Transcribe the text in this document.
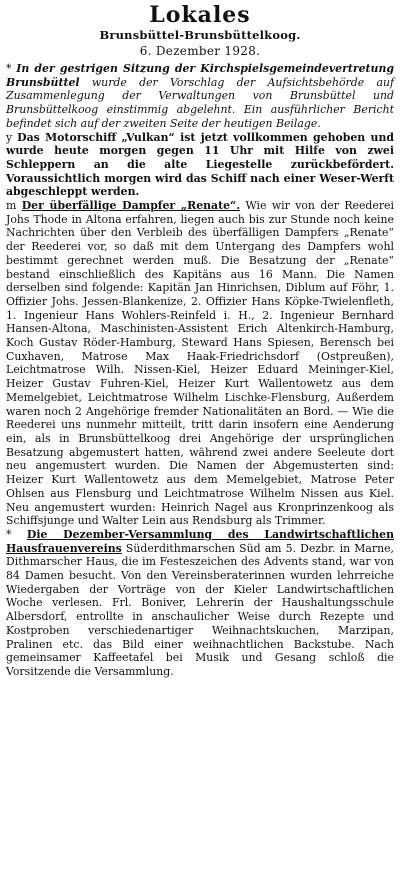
Lokales
Brunsbüttel-Brunsbüttelkoog.
6. Dezember 1928.

* In der gestrigen Sitzung der Kirchspielsgemeindevertretung Brunsbüttel wurde der Vorschlag der Aufsichtsbehörde auf Zusammenlegung der Verwaltungen von Brunsbüttel und Brunsbüttelkoog einstimmig abgelehnt. Ein ausführlicher Bericht befindet sich auf der zweiten Seite der heutigen Beilage.

y Das Motorschiff „Vulkan“ ist jetzt vollkommen gehoben und wurde heute morgen gegen 11 Uhr mit Hilfe von zwei Schleppern an die alte Liegestelle zurückbefördert. Voraussichtlich morgen wird das Schiff nach einer Weser-Werft abgeschleppt werden.

m Der überfällige Dampfer „Renate“. Wie wir von der Reederei Johs Thode in Altona erfahren, liegen auch bis zur Stunde noch keine Nachrichten über den Verbleib des überfälligen Dampfers „Renate“ der Reederei vor, so daß mit dem Untergang des Dampfers wohl bestimmt gerechnet werden muß. Die Besatzung der „Renate“ bestand einschließlich des Kapitäns aus 16 Mann. Die Namen derselben sind folgende: Kapitän Jan Hinrichsen, Diblum auf Föhr, 1. Offizier Johs. Jessen-Blankenize, 2. Offizier Hans Köpke-Twielenfleth, 1. Ingenieur Hans Wohlers-Reinfeld i. H., 2. Ingenieur Bernhard Hansen-Altona, Maschinisten-Assistent Erich Altenkirch-Hamburg, Koch Gustav Röder-Hamburg, Steward Hans Spiesen, Berensch bei Cuxhaven, Matrose Max Haak-Friedrichsdorf (Ostpreußen), Leichtmatrose Wilh. Nissen-Kiel, Heizer Eduard Meininger-Kiel, Heizer Gustav Fuhren-Kiel, Heizer Kurt Wallentowetz aus dem Memelgebiet, Leichtmatrose Wilhelm Lischke-Flensburg, Außerdem waren noch 2 Angehörige fremder Nationalitäten an Bord. — Wie die Reederei uns nunmehr mitteilt, tritt darin insofern eine Aenderung ein, als in Brunsbüttelkoog drei Angehörige der ursprünglichen Besatzung abgemustert hatten, während zwei andere Seeleute dort neu angemustert wurden. Die Namen der Abgemusterten sind: Heizer Kurt Wallentowetz aus dem Memelgebiet, Matrose Peter Ohlsen aus Flensburg und Leichtmatrose Wilhelm Nissen aus Kiel. Neu angemustert wurden: Heinrich Nagel aus Kronprinzenkoog als Schiffsjunge und Walter Lein aus Rendsburg als Trimmer.

* Die Dezember-Versammlung des Landwirtschaftlichen Hausfrauenvereins Süderdithmarschen Süd am 5. Dezbr. in Marne, Dithmarscher Haus, die im Festeszeichen des Advents stand, war von 84 Damen besucht. Von den Vereinsberaterinnen wurden lehrreiche Wiedergaben der Vorträge von der Kieler Landwirtschaftlichen Woche verlesen. Frl. Boniver, Lehrerin der Haushaltungsschule Albersdorf, entrollte in anschaulicher Weise durch Rezepte und Kostproben verschiedenartiger Weihnachtskuchen, Marzipan, Pralinen etc. das Bild einer weihnachtlichen Backstube. Nach gemeinsamer Kaffeetafel bei Musik und Gesang schloß die Vorsitzende die Versammlung.
